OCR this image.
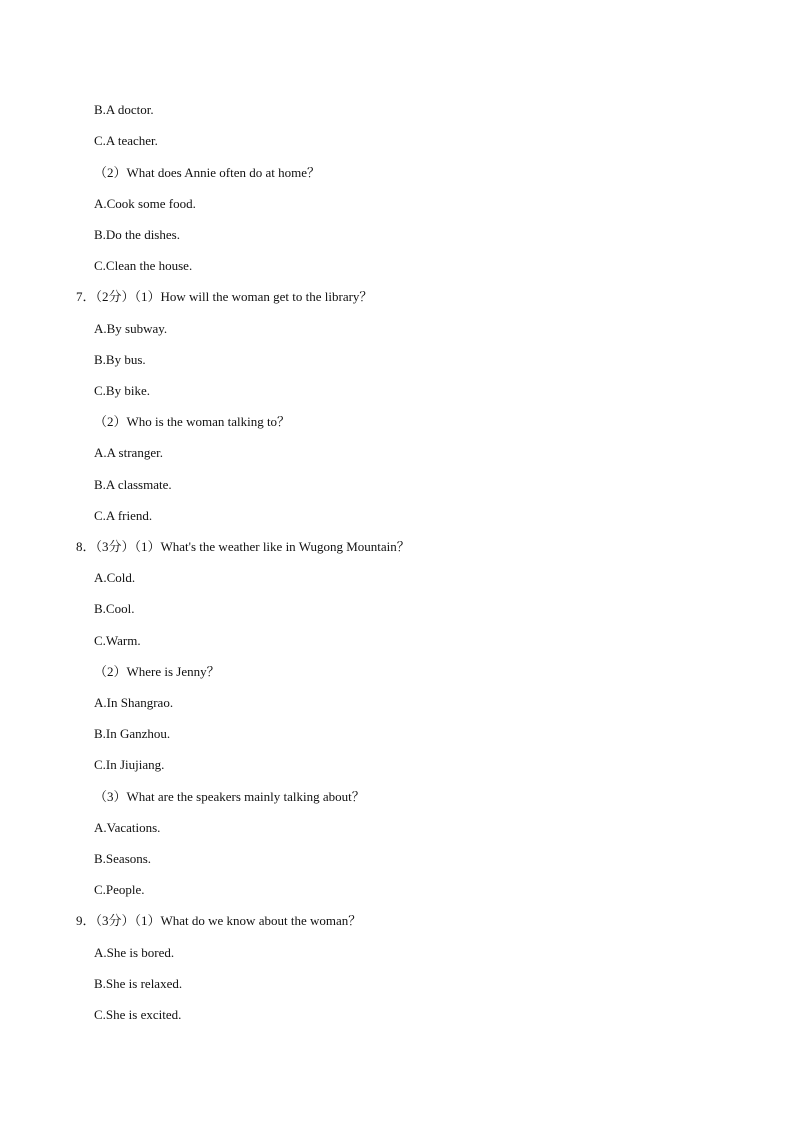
B.A doctor.
C.A teacher.
（2）What does Annie often do at home？
A.Cook some food.
B.Do the dishes.
C.Clean the house.
7．（2分）（1）How will the woman get to the library？
A.By subway.
B.By bus.
C.By bike.
（2）Who is the woman talking to？
A.A stranger.
B.A classmate.
C.A friend.
8．（3分）（1）What's the weather like in Wugong Mountain？
A.Cold.
B.Cool.
C.Warm.
（2）Where is Jenny？
A.In Shangrao.
B.In Ganzhou.
C.In Jiujiang.
（3）What are the speakers mainly talking about？
A.Vacations.
B.Seasons.
C.People.
9．（3分）（1）What do we know about the woman？
A.She is bored.
B.She is relaxed.
C.She is excited.
